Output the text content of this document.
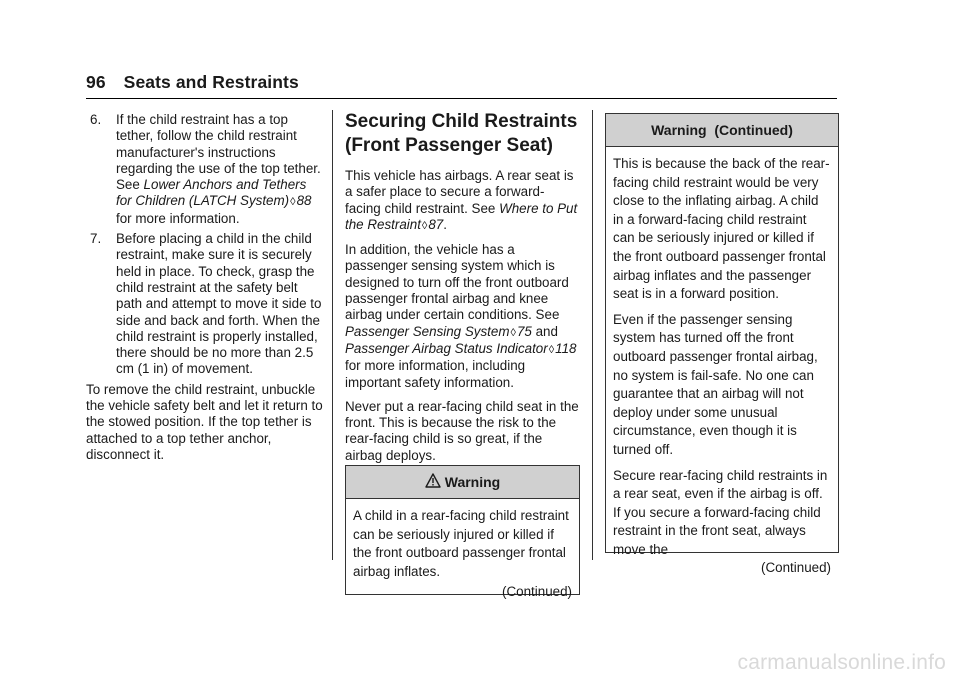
96 Seats and Restraints
6. If the child restraint has a top tether, follow the child restraint manufacturer's instructions regarding the use of the top tether. See Lower Anchors and Tethers for Children (LATCH System)◊88 for more information.
7. Before placing a child in the child restraint, make sure it is securely held in place. To check, grasp the child restraint at the safety belt path and attempt to move it side to side and back and forth. When the child restraint is properly installed, there should be no more than 2.5 cm (1 in) of movement.

To remove the child restraint, unbuckle the vehicle safety belt and let it return to the stowed position. If the top tether is attached to a top tether anchor, disconnect it.

Securing Child Restraints (Front Passenger Seat)

This vehicle has airbags. A rear seat is a safer place to secure a forward-facing child restraint. See Where to Put the Restraint◊87.

In addition, the vehicle has a passenger sensing system which is designed to turn off the front outboard passenger frontal airbag and knee airbag under certain conditions. See Passenger Sensing System◊75 and Passenger Airbag Status Indicator◊118 for more information, including important safety information.

Never put a rear-facing child seat in the front. This is because the risk to the rear-facing child is so great, if the airbag deploys.

Warning

A child in a rear-facing child restraint can be seriously injured or killed if the front outboard passenger frontal airbag inflates.

(Continued)
Warning  (Continued)

This is because the back of the rear-facing child restraint would be very close to the inflating airbag. A child in a forward-facing child restraint can be seriously injured or killed if the front outboard passenger frontal airbag inflates and the passenger seat is in a forward position.

Even if the passenger sensing system has turned off the front outboard passenger frontal airbag, no system is fail-safe. No one can guarantee that an airbag will not deploy under some unusual circumstance, even though it is turned off.

Secure rear-facing child restraints in a rear seat, even if the airbag is off. If you secure a forward-facing child restraint in the front seat, always move the

(Continued)
carmanualsonline.info
